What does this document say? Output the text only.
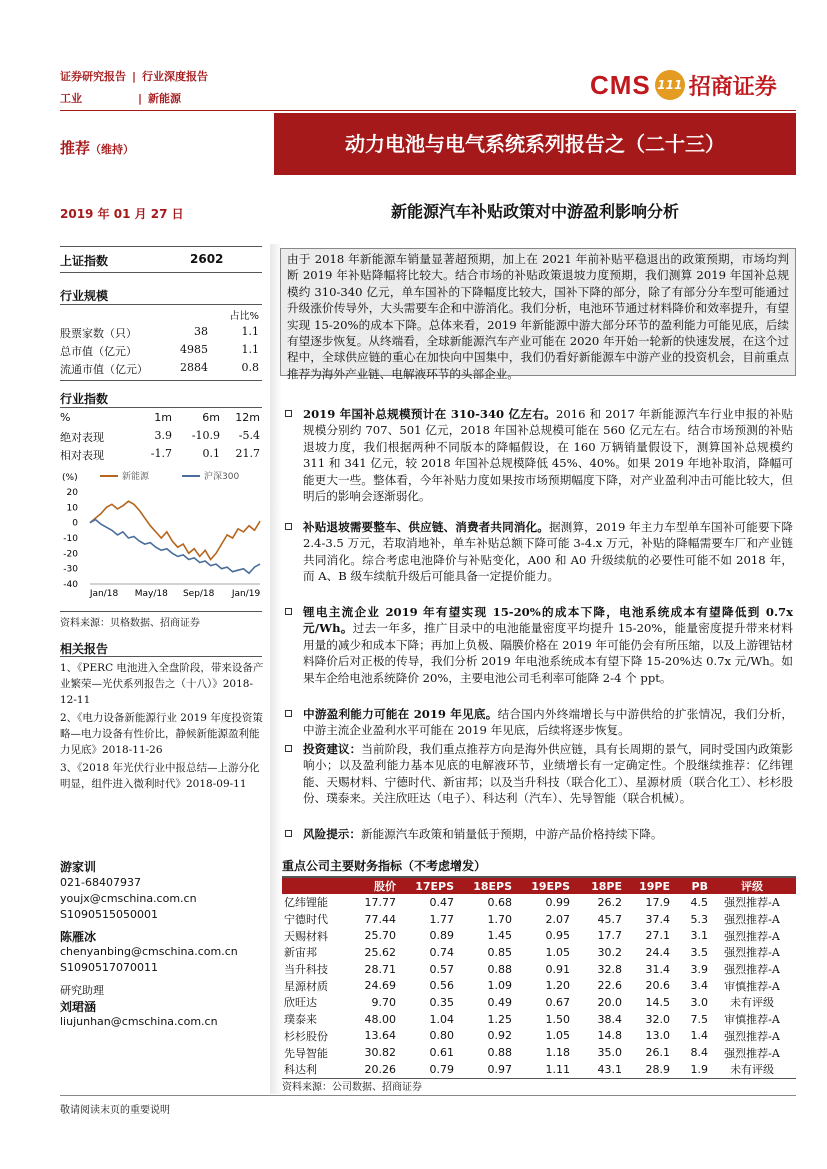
证券研究报告 | 行业深度报告
工业	| 新能源	CMS 111 招商证券
推荐（维持）	动力电池与电气系统系列报告之（二十三）
2019 年 01 月 27 日	新能源汽车补贴政策对中游盈利影响分析
上证指数	2602
行业规模
占比%
股票家数（只）	38	1.1
总市值（亿元）	4985	1.1
流通市值（亿元）	2884	0.8
行业指数
%	1m	6m	12m
绝对表现	3.9	-10.9	-5.4
相对表现	-1.7	0.1	21.7
(%)
20
10
0
-10
-20
-30
-40
Jan/18 May/18 Sep/18 Jan/19
新能源	沪深300
资料来源：贝格数据、招商证券
相关报告
1、《PERC 电池进入全盘阶段，带来设备产业繁荣—光伏系列报告之（十八）》2018-12-11
2、《电力设备新能源行业 2019 年度投资策略—电力设备有性价比，静候新能源盈利能力见底》2018-11-26
3、《2018 年光伏行业中报总结—上游分化明显，组件进入微利时代》2018-09-11
游家训
021-68407937
youjx@cmschina.com.cn
S1090515050001
陈雁冰
chenyanbing@cmschina.com.cn
S1090517070011
研究助理
刘珺涵
liujunhan@cmschina.com.cn
由于 2018 年新能源车销量显著超预期，加上在 2021 年前补贴平稳退出的政策预期，市场均判断 2019 年补贴降幅将比较大。结合市场的补贴政策退坡力度预期，我们测算 2019 年国补总规模约 310-340 亿元，单车国补的下降幅度比较大，国补下降的部分，除了有部分分车型可能通过升级涨价传导外，大头需要车企和中游消化。我们分析，电池环节通过材料降价和效率提升，有望实现 15-20%的成本下降。总体来看，2019 年新能源中游大部分环节的盈利能力可能见底，后续有望逐步恢复。从终端看，全球新能源汽车产业可能在 2020 年开始一轮新的快速发展，在这个过程中，全球供应链的重心在加快向中国集中，我们仍看好新能源车中游产业的投资机会，目前重点推荐为海外产业链、电解液环节的头部企业。
2019 年国补总规模预计在 310-340 亿左右。2016 和 2017 年新能源汽车行业申报的补贴规模分别约 707、501 亿元，2018 年国补总规模可能在 560 亿元左右。结合市场预测的补贴退坡力度，我们根据两种不同版本的降幅假设，在 160 万辆销量假设下，测算国补总规模约 311 和 341 亿元，较 2018 年国补总规模降低 45%、40%。如果 2019 年地补取消，降幅可能更大一些。整体看，今年补贴力度如果按市场预期幅度下降，对产业盈利冲击可能比较大，但明后的影响会逐渐弱化。
补贴退坡需要整车、供应链、消费者共同消化。据测算，2019 年主力车型单车国补可能要下降 2.4-3.5 万元，若取消地补，单车补贴总额下降可能 3-4.x 万元，补贴的降幅需要车厂和产业链共同消化。综合考虑电池降价与补贴变化，A00 和 A0 升级续航的必要性可能不如 2018 年，而 A、B 级车续航升级后可能具备一定提价能力。
锂电主流企业 2019 年有望实现 15-20%的成本下降，电池系统成本有望降低到 0.7x 元/Wh。过去一年多，推广目录中的电池能量密度平均提升 15-20%，能量密度提升带来材料用量的减少和成本下降；再加上负极、隔膜价格在 2019 年可能仍会有所压缩，以及上游锂钴材料降价后对正极的传导，我们分析 2019 年电池系统成本有望下降 15-20%达 0.7x 元/Wh。如果车企给电池系统降价 20%，主要电池公司毛利率可能降 2-4 个 ppt。
中游盈利能力可能在 2019 年见底。结合国内外终端增长与中游供给的扩张情况，我们分析，中游主流企业盈利水平可能在 2019 年见底，后续将逐步恢复。
投资建议：当前阶段，我们重点推荐方向是海外供应链，具有长周期的景气，同时受国内政策影响小；以及盈利能力基本见底的电解液环节，业绩增长有一定确定性。个股继续推荐：亿纬锂能、天赐材料、宁德时代、新宙邦；以及当升科技（联合化工）、星源材质（联合化工）、杉杉股份、璞泰来。关注欣旺达（电子）、科达利（汽车）、先导智能（联合机械）。
风险提示：新能源汽车政策和销量低于预期，中游产品价格持续下降。
重点公司主要财务指标（不考虑增发）
	股价	17EPS	18EPS	19EPS	18PE	19PE	PB	评级
亿纬锂能	17.77	0.47	0.68	0.99	26.2	17.9	4.5	强烈推荐-A
宁德时代	77.44	1.77	1.70	2.07	45.7	37.4	5.3	强烈推荐-A
天赐材料	25.70	0.89	1.45	0.95	17.7	27.1	3.1	强烈推荐-A
新宙邦	25.62	0.74	0.85	1.05	30.2	24.4	3.5	强烈推荐-A
当升科技	28.71	0.57	0.88	0.91	32.8	31.4	3.9	强烈推荐-A
星源材质	24.69	0.56	1.09	1.20	22.6	20.6	3.4	审慎推荐-A
欣旺达	9.70	0.35	0.49	0.67	20.0	14.5	3.0	未有评级
璞泰来	48.00	1.04	1.25	1.50	38.4	32.0	7.5	审慎推荐-A
杉杉股份	13.64	0.80	0.92	1.05	14.8	13.0	1.4	强烈推荐-A
先导智能	30.82	0.61	0.88	1.18	35.0	26.1	8.4	强烈推荐-A
科达利	20.26	0.79	0.97	1.11	43.1	28.9	1.9	未有评级
资料来源：公司数据、招商证券
敬请阅读末页的重要说明
